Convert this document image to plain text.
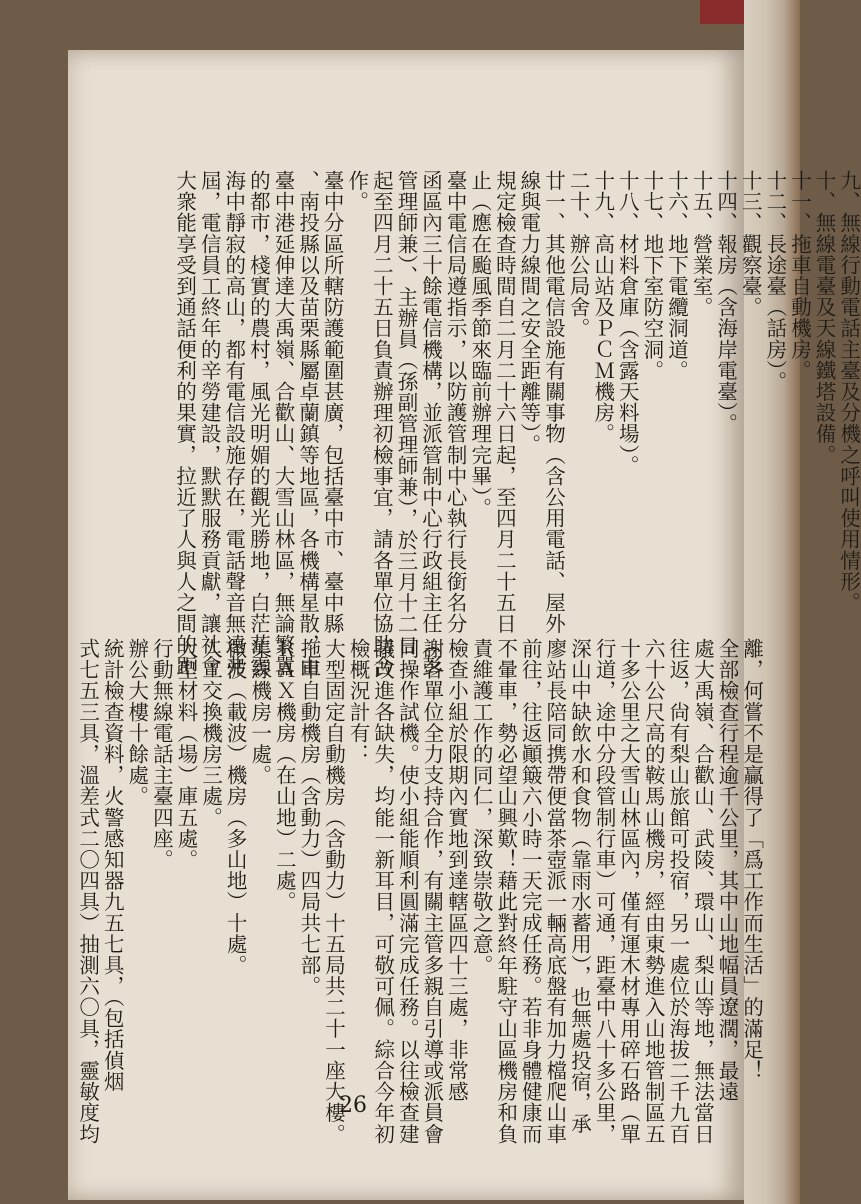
九、無線行動電話主臺及分機之呼叫使用情形。
十、無線電臺及天線鐵塔設備。
十一、拖車自動機房。
十二、長途臺（話房）。
十三、觀察臺。
十四、報房（含海岸電臺）。
十五、營業室。
十六、地下電纜洞道。
十七、地下室防空洞。
十八、材料倉庫（含露天料場）。
十九、高山站及ＰＣＭ機房。
二十、辦公局舍。
廿一、其他電信設施有關事物（含公用電話、屋外
線與電力線間之安全距離等）。
規定檢查時間自二月二十六日起，至四月二十五日
止（應在颱風季節來臨前辦理完畢）。
臺中電信局遵指示，以防護管制中心執行長銜名分
函區內三十餘電信機構，並派管制中心行政組主任（彭
管理師兼）、主辦員（孫副管理師兼），於三月十二日
起至四月二十五日負責辦理初檢事宜，請各單位協助合
作。
臺中分區所轄防護範圍甚廣，包括臺中市、臺中縣
、南投縣以及苗栗縣屬卓蘭鎮等地區，各機構星散，由
臺中港延伸達大禹嶺、合歡山、大雪山林區，無論繁囂
的都市，棧實的農村，風光明媚的觀光勝地，白茫茫雲
海中靜寂的高山，都有電信設施存在，電話聲音無遠弗
屆，電信員工終年的辛勞建設，默默服務貢獻，讓社會
大衆能享受到通話便利的果實，拉近了人與人之間的距
離，何嘗不是贏得了「爲工作而生活」的滿足！
全部檢查行程逾千公里，其中山地幅員遼濶，最遠
處大禹嶺、合歡山、武陵、環山、梨山等地，無法當日
往返，尙有梨山旅館可投宿，另一處位於海拔二千九百
六十公尺高的鞍馬山機房，經由東勢進入山地管制區五
十多公里之大雪山林區內，僅有運木材專用碎石路（單
行道，途中分段管制行車）可通，距臺中八十多公里，
深山中缺飲水和食物（靠雨水蓄用），也無處投宿，承
廖站長陪同携帶便當茶壺派一輛高底盤有加力檔爬山車
前往，往返顚簸六小時一天完成任務。若非身體健康而
不暈車，勢必望山興歎！藉此對終年駐守山區機房和負
責維護工作的同仁，深致崇敬之意。
檢查小組於限期內實地到達轄區四十三處，非常感
謝各單位全力支持合作，有關主管多親自引導或派員會
同操作試機。使小組能順利圓滿完成任務。以往檢查建
議改進各缺失，均能一新耳目，可敬可佩。綜合今年初
檢概況計有：
大型固定自動機房（含動力）十五局共二十一座大樓。
拖車自動機房（含動力）四局共七部。
ＲＡＸ機房（在山地）二處。
集線機房一處。
微波（載波）機房（多山地）十處。
人工交換機房三處。
大型材料（場）庫五處。
行動無線電話主臺四座。
辦公大樓十餘處。
統計檢查資料，火警感知器九五七具，（包括偵烟
式七五三具，溫差式二〇四具）抽測六〇具，靈敏度均	26
